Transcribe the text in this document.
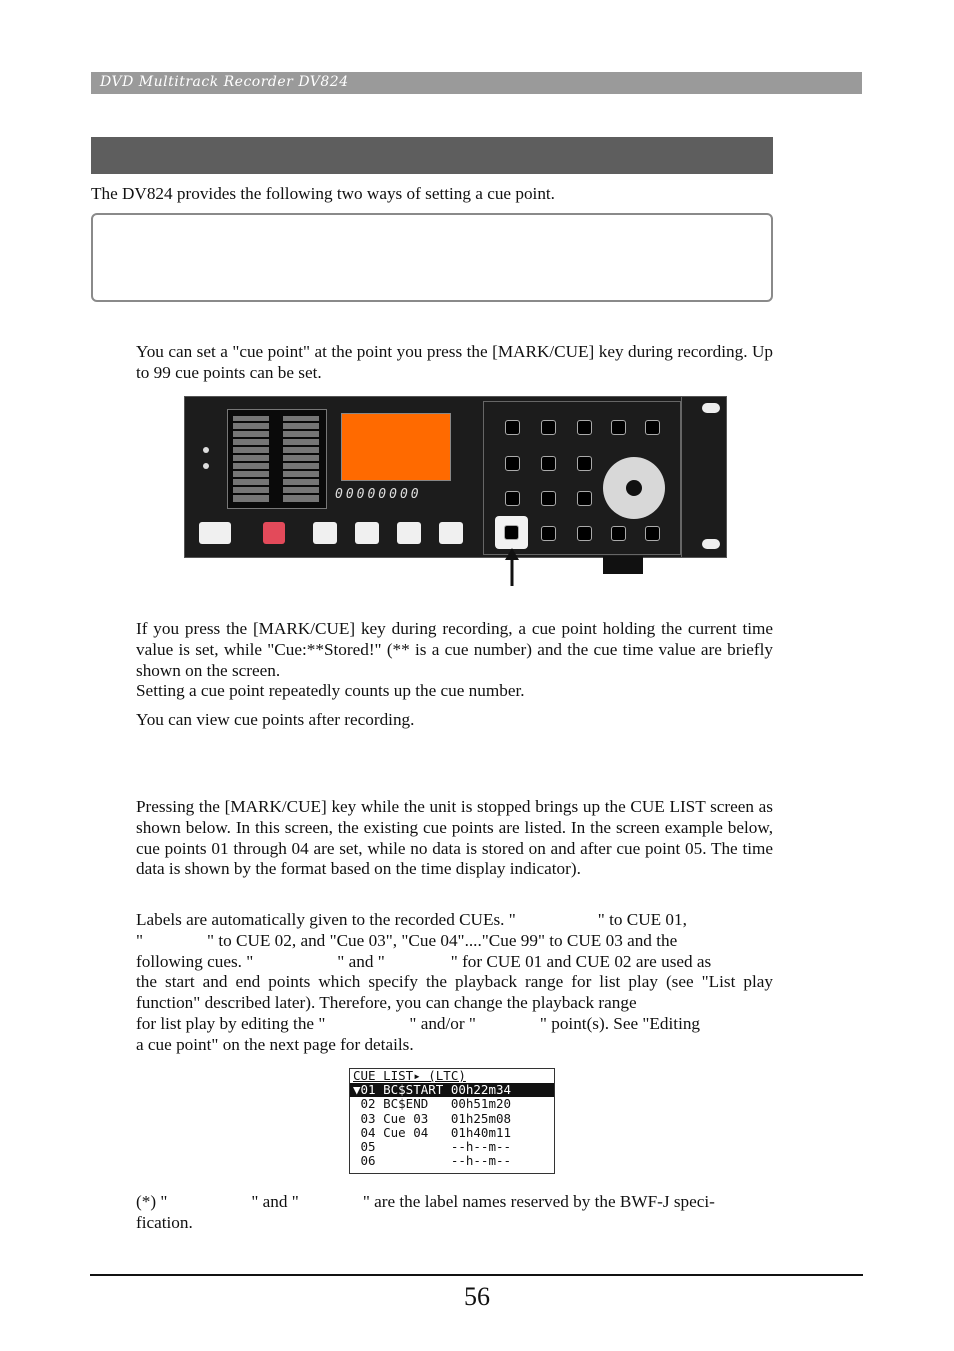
DVD Multitrack Recorder DV824
The DV824 provides the following two ways of setting a cue point.
You can set a "cue point" at the point you press the [MARK/CUE] key during recording. Up to 99 cue points can be set.
00000000
If you press the [MARK/CUE] key during recording, a cue point holding the current time value is set, while "Cue:**Stored!" (** is a cue number) and the cue time value are briefly shown on the screen.
Setting a cue point repeatedly counts up the cue number.
You can view cue points after recording.
Pressing the [MARK/CUE] key while the unit is stopped brings up the CUE LIST screen as shown below. In this screen, the existing cue points are listed. In the screen example below, cue points 01 through 04 are set, while no data is stored on and after cue point 05. The time data is shown by the format based on the time display indicator).
Labels are automatically given to the recorded CUEs. "	" to CUE 01,
"	" to CUE 02, and "Cue 03", "Cue 04"...."Cue 99" to CUE 03 and the
following cues. "	" and "	" for CUE 01 and CUE 02 are used as
the start and end points which specify the playback range for list play (see "List play function" described later). Therefore, you can change the playback range
for list play by editing the "	" and/or "	" point(s). See "Editing
a cue point" on the next page for details.
CUE LIST▸ (LTC)
▼01 BC$START 00h22m34
02 BC$END   00h51m20
03 Cue 03   01h25m08
04 Cue 04   01h40m11
05          --h--m--
06          --h--m--
(*) "	" and "	" are the label names reserved by the BWF-J speci-
fication.
56
